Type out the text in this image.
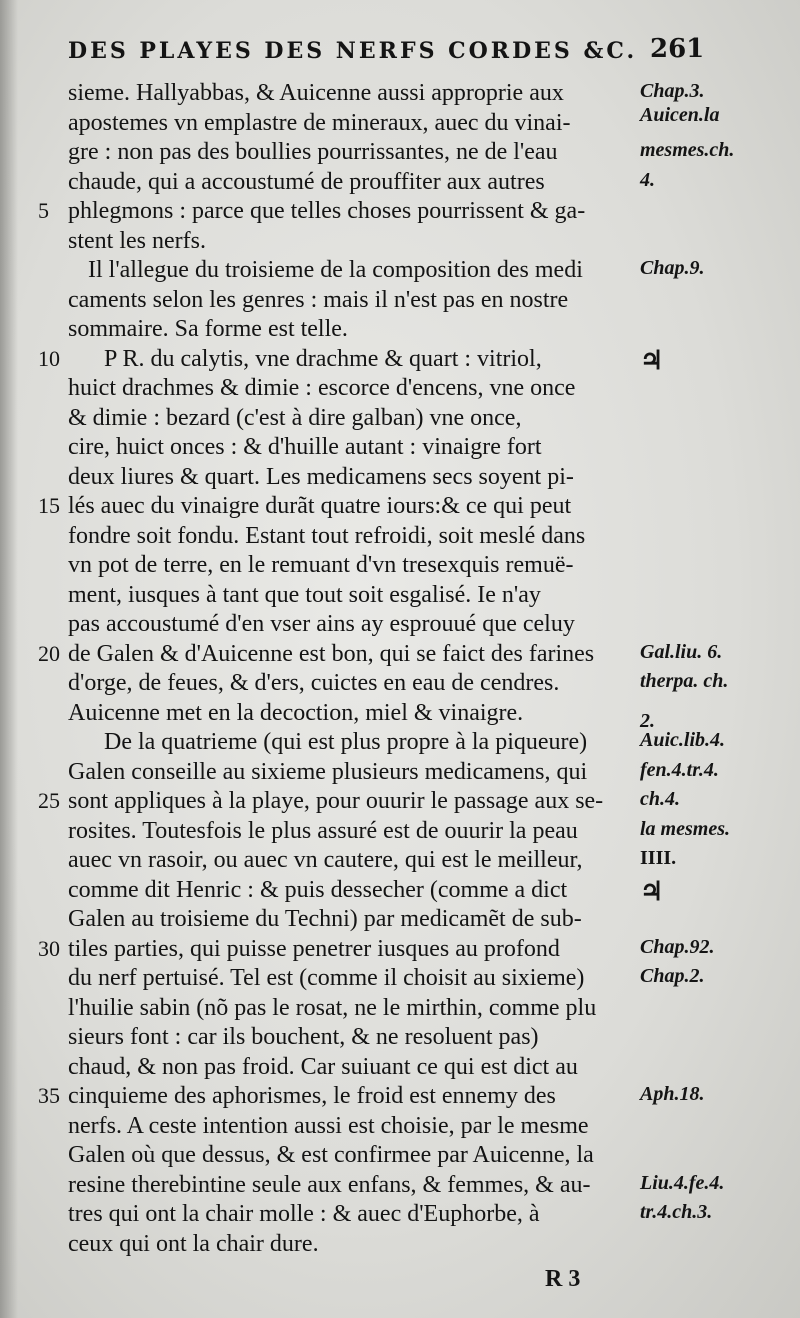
DES PLAYES DES NERFS CORDES &C. 261
sieme. Hallyabbas, & Auicenne aussi approprie aux
apostemes vn emplastre de mineraux, auec du vinai-
gre : non pas des boullies pourrissantes, ne de l'eau
chaude, qui a accoustumé de prouffiter aux autres
phlegmons : parce que telles choses pourrissent & ga-
stent les nerfs.
Il l'allegue du troisieme de la composition des medi
caments selon les genres : mais il n'est pas en nostre
sommaire. Sa forme est telle.
P R. du calytis, vne drachme & quart : vitriol,
huict drachmes & dimie : escorce d'encens, vne once
& dimie : bezard (c'est à dire galban) vne once,
cire, huict onces : & d'huille autant : vinaigre fort
deux liures & quart. Les medicamens secs soyent pi-
lés auec du vinaigre durãt quatre iours:& ce qui peut
fondre soit fondu. Estant tout refroidi, soit meslé dans
vn pot de terre, en le remuant d'vn tresexquis remuë-
ment, iusques à tant que tout soit esgalisé. Ie n'ay
pas accoustumé d'en vser ains ay esprouué que celuy
de Galen & d'Auicenne est bon, qui se faict des farines
d'orge, de feues, & d'ers, cuictes en eau de cendres.
Auicenne met en la decoction, miel & vinaigre.
De la quatrieme (qui est plus propre à la piqueure)
Galen conseille au sixieme plusieurs medicamens, qui
sont appliques à la playe, pour ouurir le passage aux se-
rosites. Toutesfois le plus assuré est de ouurir la peau
auec vn rasoir, ou auec vn cautere, qui est le meilleur,
comme dit Henric : & puis dessecher (comme a dict
Galen au troisieme du Techni) par medicamẽt de sub-
tiles parties, qui puisse penetrer iusques au profond
du nerf pertuisé. Tel est (comme il choisit au sixieme)
l'huilie sabin (nõ pas le rosat, ne le mirthin, comme plu
sieurs font : car ils bouchent, & ne resoluent pas)
chaud, & non pas froid. Car suiuant ce qui est dict au
cinquieme des aphorismes, le froid est ennemy des
nerfs. A ceste intention aussi est choisie, par le mesme
Galen où que dessus, & est confirmee par Auicenne, la
resine therebintine seule aux enfans, & femmes, & au-
tres qui ont la chair molle : & auec d'Euphorbe, à
ceux qui ont la chair dure.
5
10
15
20
25
30
35
Chap.3.
Auicen.la
mesmes.ch.
4.
Chap.9.
♃
Gal.liu. 6.
therpa. ch.
2.
Auic.lib.4.
fen.4.tr.4.
ch.4.
la mesmes.
IIII.
♃
Chap.92.
Chap.2.
Aph.18.
Liu.4.fe.4.
tr.4.ch.3.
R 3
